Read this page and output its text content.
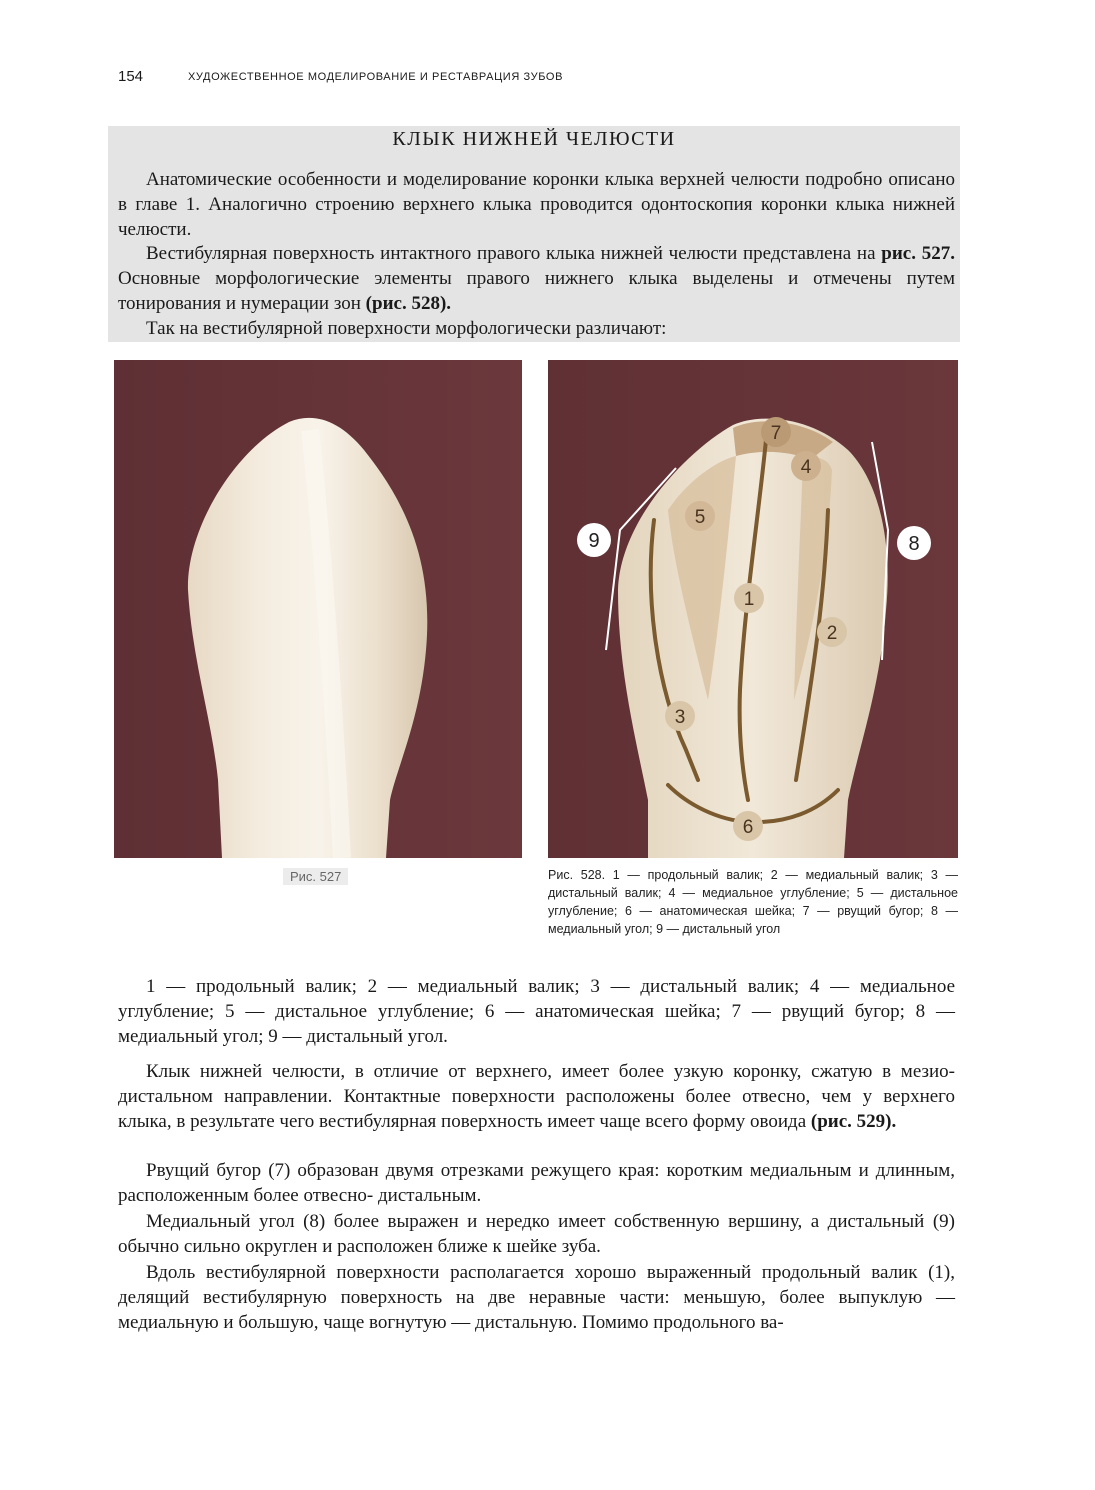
154	ХУДОЖЕСТВЕННОЕ МОДЕЛИРОВАНИЕ И РЕСТАВРАЦИЯ ЗУБОВ
КЛЫК НИЖНЕЙ ЧЕЛЮСТИ
Анатомические особенности и моделирование коронки клыка верхней челюсти подробно описано в главе 1. Аналогично строению верхнего клыка проводится одонтоскопия коронки клыка нижней челюсти.
Вестибулярная поверхность интактного правого клыка нижней челюсти представлена на рис. 527. Основные морфологические элементы правого нижнего клыка выделены и отмечены путем тонирования и нумерации зон (рис. 528).
Так на вестибулярной поверхности морфологически различают:
7
4
5
1
2
3
6
9	8
Рис. 527	Рис. 528. 1 — продольный валик; 2 — медиальный валик; 3 — дистальный валик; 4 — медиальное углубление; 5 — дистальное углубление; 6 — анатомическая шейка; 7 — рвущий бугор; 8 — медиальный угол; 9 — дистальный угол
1 — продольный валик; 2 — медиальный валик; 3 — дистальный валик; 4 — медиальное углубление; 5 — дистальное углубление; 6 — анатомическая шейка; 7 — рвущий бугор; 8 — медиальный угол; 9 — дистальный угол.
Клык нижней челюсти, в отличие от верхнего, имеет более узкую коронку, сжатую в мезио-дистальном направлении. Контактные поверхности расположены более отвесно, чем у верхнего клыка, в результате чего вестибулярная поверхность имеет чаще всего форму овоида (рис. 529).
Рвущий бугор (7) образован двумя отрезками режущего края: коротким медиальным и длинным, расположенным более отвесно- дистальным.
Медиальный угол (8) более выражен и нередко имеет собственную вершину, а дистальный (9) обычно сильно округлен и расположен ближе к шейке зуба.
Вдоль вестибулярной поверхности располагается хорошо выраженный продольный валик (1), делящий вестибулярную поверхность на две неравные части: меньшую, более выпуклую — медиальную и большую, чаще вогнутую — дистальную. Помимо продольного ва-
